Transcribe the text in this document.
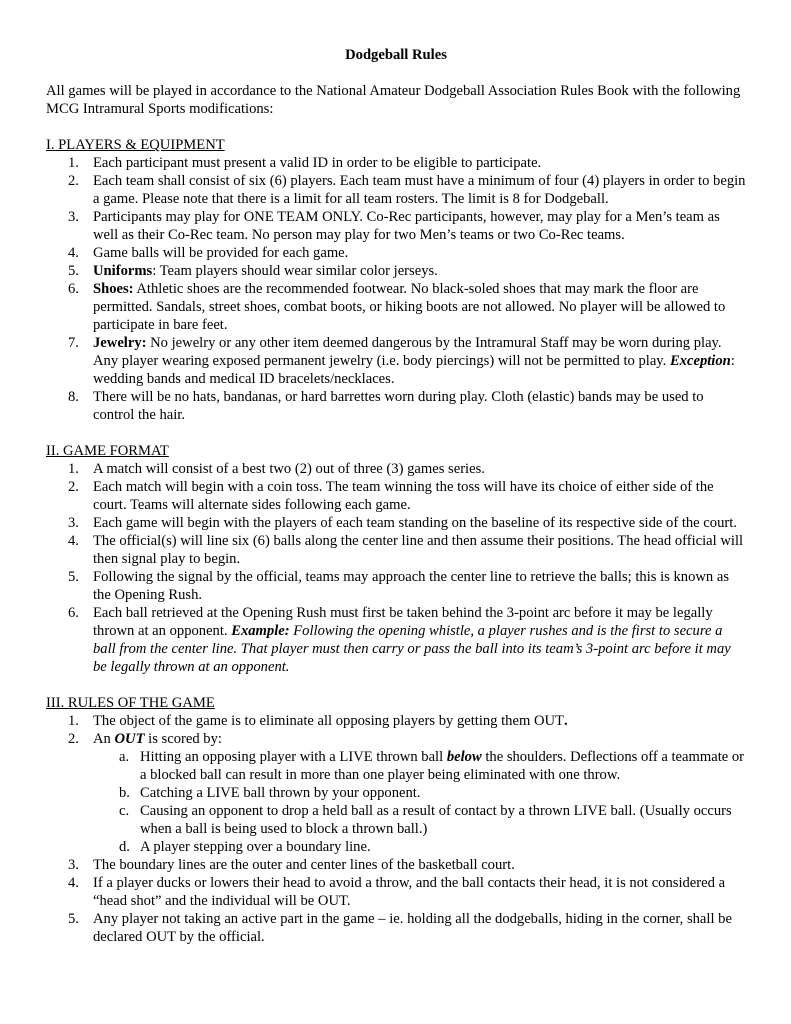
Dodgeball Rules
All games will be played in accordance to the National Amateur Dodgeball Association Rules Book with the following MCG Intramural Sports modifications:
I. PLAYERS & EQUIPMENT
1. Each participant must present a valid ID in order to be eligible to participate.
2. Each team shall consist of six (6) players. Each team must have a minimum of four (4) players in order to begin a game. Please note that there is a limit for all team rosters. The limit is 8 for Dodgeball.
3. Participants may play for ONE TEAM ONLY. Co-Rec participants, however, may play for a Men’s team as well as their Co-Rec team. No person may play for two Men’s teams or two Co-Rec teams.
4. Game balls will be provided for each game.
5. Uniforms: Team players should wear similar color jerseys.
6. Shoes: Athletic shoes are the recommended footwear. No black-soled shoes that may mark the floor are permitted. Sandals, street shoes, combat boots, or hiking boots are not allowed. No player will be allowed to participate in bare feet.
7. Jewelry: No jewelry or any other item deemed dangerous by the Intramural Staff may be worn during play. Any player wearing exposed permanent jewelry (i.e. body piercings) will not be permitted to play. Exception: wedding bands and medical ID bracelets/necklaces.
8. There will be no hats, bandanas, or hard barrettes worn during play. Cloth (elastic) bands may be used to control the hair.
II. GAME FORMAT
1. A match will consist of a best two (2) out of three (3) games series.
2. Each match will begin with a coin toss. The team winning the toss will have its choice of either side of the court. Teams will alternate sides following each game.
3. Each game will begin with the players of each team standing on the baseline of its respective side of the court.
4. The official(s) will line six (6) balls along the center line and then assume their positions. The head official will then signal play to begin.
5. Following the signal by the official, teams may approach the center line to retrieve the balls; this is known as the Opening Rush.
6. Each ball retrieved at the Opening Rush must first be taken behind the 3-point arc before it may be legally thrown at an opponent. Example: Following the opening whistle, a player rushes and is the first to secure a ball from the center line. That player must then carry or pass the ball into its team’s 3-point arc before it may be legally thrown at an opponent.
III. RULES OF THE GAME
1. The object of the game is to eliminate all opposing players by getting them OUT.
2. An OUT is scored by:
a. Hitting an opposing player with a LIVE thrown ball below the shoulders. Deflections off a teammate or a blocked ball can result in more than one player being eliminated with one throw.
b. Catching a LIVE ball thrown by your opponent.
c. Causing an opponent to drop a held ball as a result of contact by a thrown LIVE ball. (Usually occurs when a ball is being used to block a thrown ball.)
d. A player stepping over a boundary line.
3. The boundary lines are the outer and center lines of the basketball court.
4. If a player ducks or lowers their head to avoid a throw, and the ball contacts their head, it is not considered a “head shot” and the individual will be OUT.
5. Any player not taking an active part in the game – ie. holding all the dodgeballs, hiding in the corner, shall be declared OUT by the official.
